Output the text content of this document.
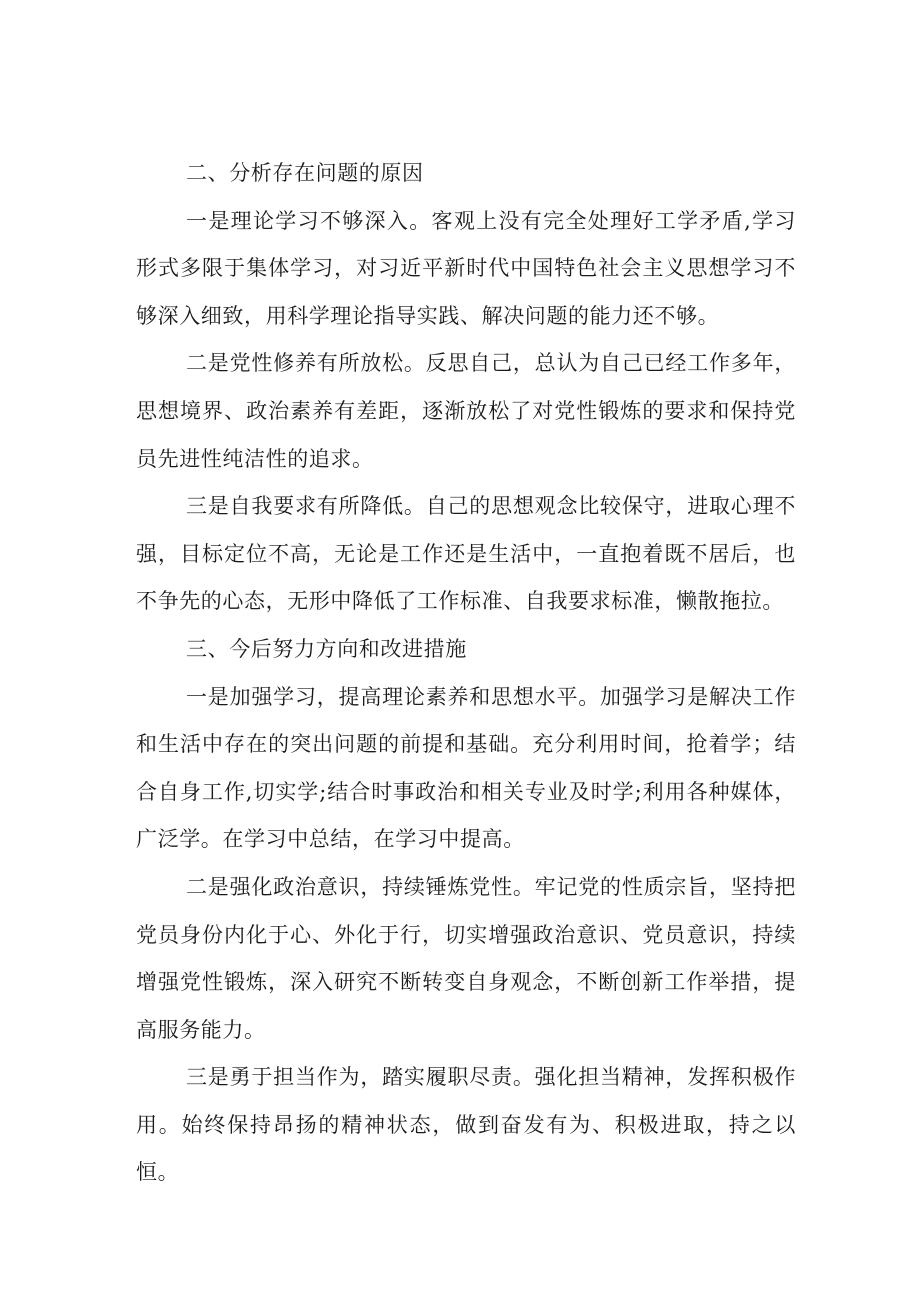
二、分析存在问题的原因

一是理论学习不够深入。客观上没有完全处理好工学矛盾,学习形式多限于集体学习，对习近平新时代中国特色社会主义思想学习不够深入细致，用科学理论指导实践、解决问题的能力还不够。

二是党性修养有所放松。反思自己，总认为自己已经工作多年，思想境界、政治素养有差距，逐渐放松了对党性锻炼的要求和保持党员先进性纯洁性的追求。

三是自我要求有所降低。自己的思想观念比较保守，进取心理不强，目标定位不高，无论是工作还是生活中，一直抱着既不居后，也不争先的心态，无形中降低了工作标准、自我要求标准，懒散拖拉。

三、今后努力方向和改进措施

一是加强学习，提高理论素养和思想水平。加强学习是解决工作和生活中存在的突出问题的前提和基础。充分利用时间，抢着学；结合自身工作,切实学;结合时事政治和相关专业及时学;利用各种媒体，广泛学。在学习中总结，在学习中提高。

二是强化政治意识，持续锤炼党性。牢记党的性质宗旨，坚持把党员身份内化于心、外化于行，切实增强政治意识、党员意识，持续增强党性锻炼，深入研究不断转变自身观念，不断创新工作举措，提高服务能力。

三是勇于担当作为，踏实履职尽责。强化担当精神，发挥积极作用。始终保持昂扬的精神状态，做到奋发有为、积极进取，持之以恒。
